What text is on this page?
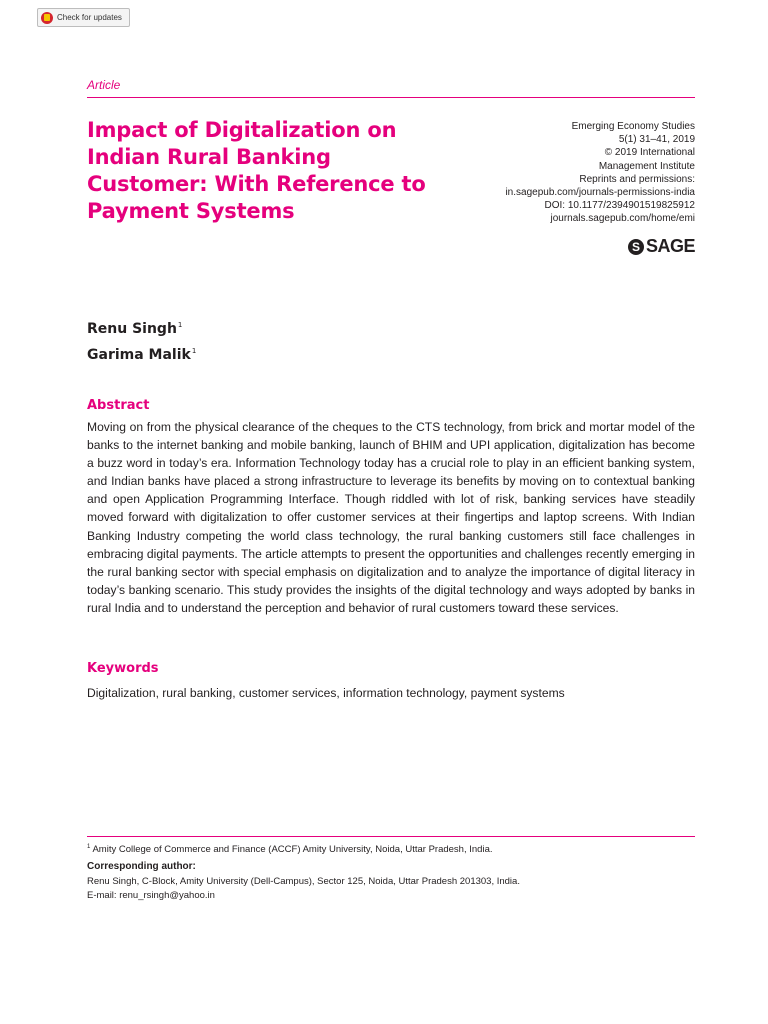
Check for updates
Article
Impact of Digitalization on Indian Rural Banking Customer: With Reference to Payment Systems
Emerging Economy Studies
5(1) 31–41, 2019
© 2019 International
Management Institute
Reprints and permissions:
in.sagepub.com/journals-permissions-india
DOI: 10.1177/2394901519825912
journals.sagepub.com/home/emi
S SAGE
Renu Singh$^1$
Garima Malik$^1$
Abstract

Moving on from the physical clearance of the cheques to the CTS technology, from brick and mortar model of the banks to the internet banking and mobile banking, launch of BHIM and UPI application, digitalization has become a buzz word in today’s era. Information Technology today has a crucial role to play in an efficient banking system, and Indian banks have placed a strong infrastructure to leverage its benefits by moving on to contextual banking and open Application Programming Interface. Though riddled with lot of risk, banking services have steadily moved forward with digitalization to offer customer services at their fingertips and laptop screens. With Indian Banking Industry competing the world class technology, the rural banking customers still face challenges in embracing digital payments. The article attempts to present the opportunities and challenges recently emerging in the rural banking sector with special emphasis on digitalization and to analyze the importance of digital literacy in today’s banking scenario. This study provides the insights of the digital technology and ways adopted by banks in rural India and to understand the perception and behavior of rural customers toward these services.

Keywords

Digitalization, rural banking, customer services, information technology, payment systems

$^1$ Amity College of Commerce and Finance (ACCF) Amity University, Noida, Uttar Pradesh, India.
Corresponding author:
Renu Singh, C-Block, Amity University (Dell-Campus), Sector 125, Noida, Uttar Pradesh 201303, India.
E-mail: renu_rsingh@yahoo.in
